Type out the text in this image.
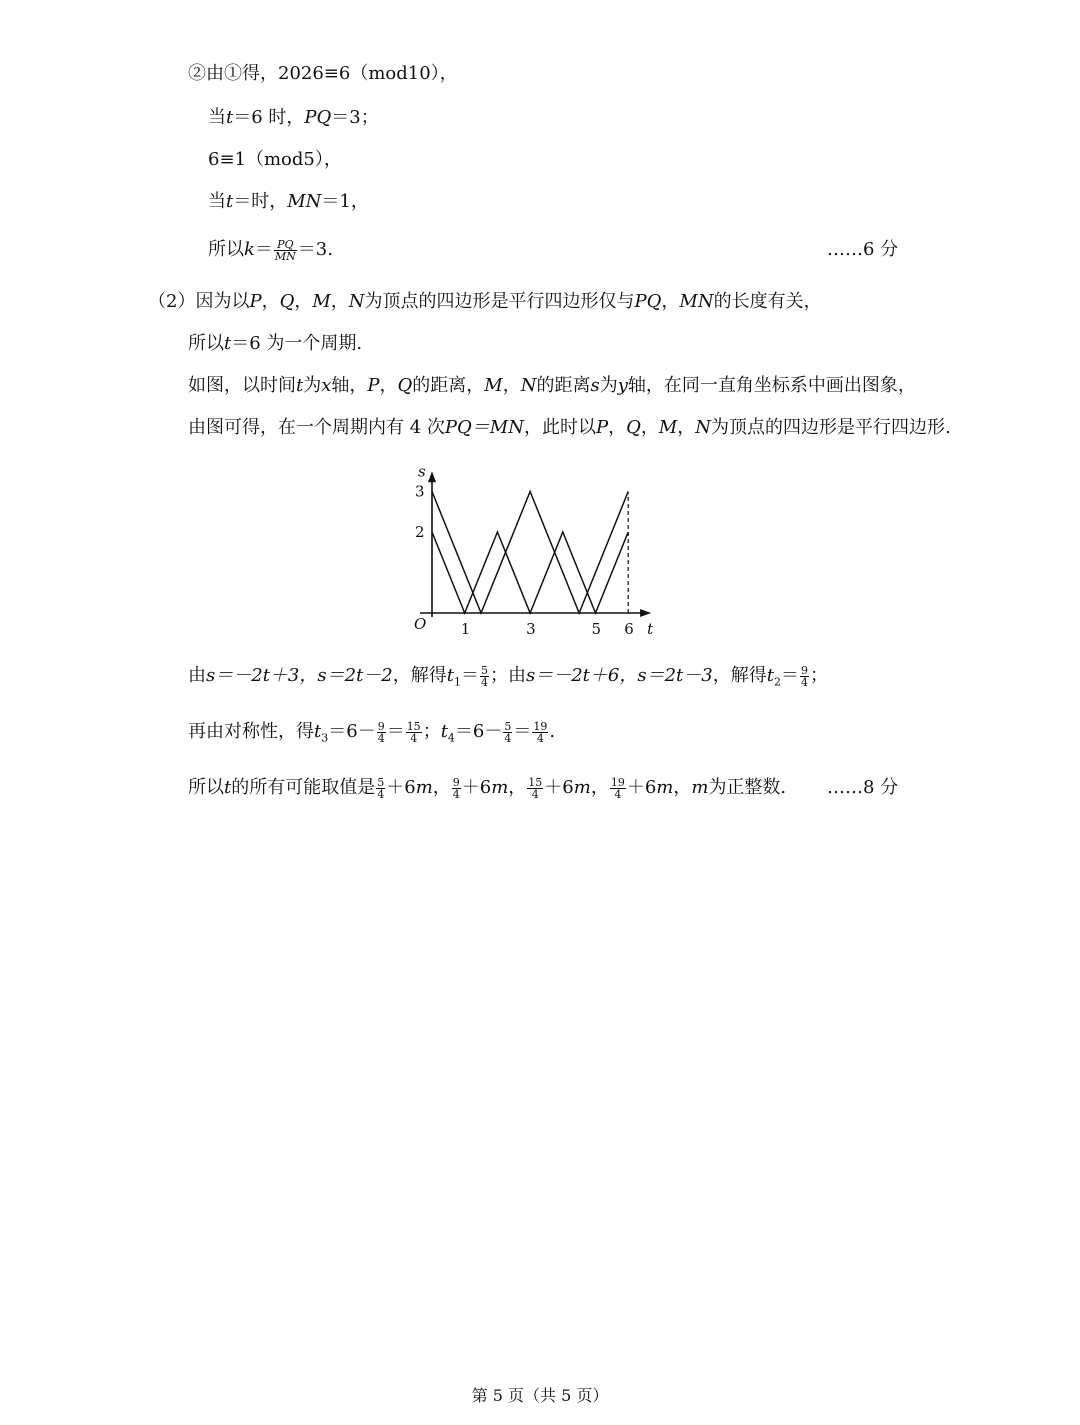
②由①得，2026≡6（mod10），
当t＝6 时，PQ＝3；
6≡1（mod5），
当t＝时，MN＝1，
所以$k= \frac{PQ}{MN} =3$.	……6 分
（2）因为以P，Q，M，N为顶点的四边形是平行四边形仅与PQ，MN的长度有关，
所以t＝6 为一个周期.
如图，以时间t为x轴，P，Q的距离，M，N的距离s为y轴，在同一直角坐标系中画出图象，
由图可得，在一个周期内有 4 次PQ＝MN，此时以P，Q，M，N为顶点的四边形是平行四边形.
s
t
O 1	3	5 6
2
3
由s＝－2t＋3，s＝2t－2，解得$t_1= \frac{5}{4}$ ；由s＝－2t＋6，s＝2t－3，解得$t_2= \frac{9}{4}$ ；
再由对称性，得$t_3=6- \frac{9}{4} = \frac{15}{4}$ ；$t_4=6- \frac{5}{4} = \frac{19}{4}$ .
所以t的所有可能取值是 $\frac{5}{4} +6m$， $\frac{9}{4} +6m$， $\frac{15}{4} +6m$， $\frac{19}{4} +6m$，m为正整数. ……8 分
第 5 页（共 5 页）
